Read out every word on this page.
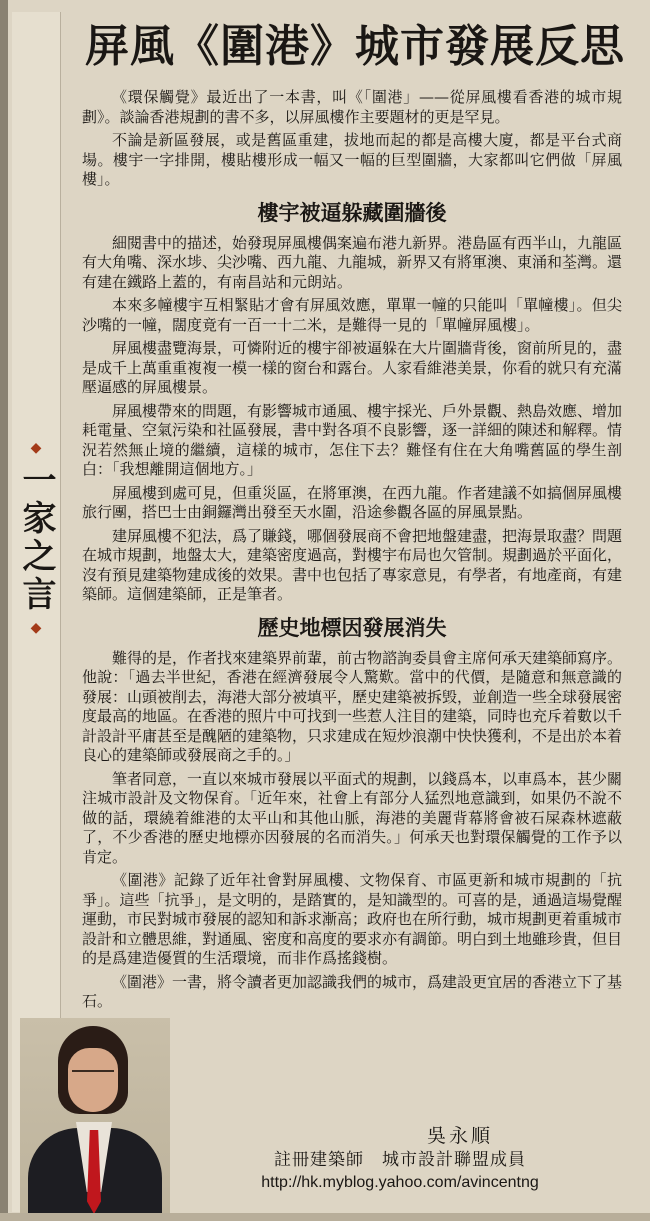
◆
一家之言
◆
屏風《圍港》城市發展反思

《環保觸覺》最近出了一本書，叫《「圍港」——從屏風樓看香港的城市規劃》。談論香港規劃的書不多，以屏風樓作主要題材的更是罕見。

不論是新區發展，或是舊區重建，拔地而起的都是高樓大廈，都是平台式商場。樓宇一字排開，樓貼樓形成一幅又一幅的巨型圍牆，大家都叫它們做「屏風樓」。

樓宇被逼躲藏圍牆後

細閱書中的描述，始發現屏風樓偶案遍布港九新界。港島區有西半山，九龍區有大角嘴、深水埗、尖沙嘴、西九龍、九龍城，新界又有將軍澳、東涌和荃灣。還有建在鐵路上蓋的，有南昌站和元朗站。

本來多幢樓宇互相緊貼才會有屏風效應，單單一幢的只能叫「單幢樓」。但尖沙嘴的一幢，闊度竟有一百一十二米，是難得一見的「單幢屏風樓」。

屏風樓盡覽海景，可憐附近的樓宇卻被逼躲在大片圍牆背後，窗前所見的，盡是成千上萬重重複複一模一樣的窗台和露台。人家看維港美景，你看的就只有充滿壓逼感的屏風樓景。

屏風樓帶來的問題，有影響城市通風、樓宇採光、戶外景觀、熱島效應、增加耗電量、空氣污染和社區發展，書中對各項不良影響，逐一詳細的陳述和解釋。情況若然無止境的繼續，這樣的城市，怎住下去？難怪有住在大角嘴舊區的學生剖白：「我想離開這個地方。」

屏風樓到處可見，但重災區，在將軍澳，在西九龍。作者建議不如搞個屏風樓旅行團，搭巴士由銅鑼灣出發至天水圍，沿途參觀各區的屏風景點。

建屏風樓不犯法，爲了賺錢，哪個發展商不會把地盤建盡，把海景取盡？問題在城市規劃，地盤太大，建築密度過高，對樓宇布局也欠管制。規劃過於平面化，沒有預見建築物建成後的效果。書中也包括了專家意見，有學者，有地產商，有建築師。這個建築師，正是筆者。

歷史地標因發展消失

難得的是，作者找來建築界前輩，前古物諮詢委員會主席何承天建築師寫序。他說：「過去半世紀，香港在經濟發展令人驚歎。當中的代價，是隨意和無意識的發展：山頭被削去，海港大部分被填平，歷史建築被拆毁，並創造一些全球發展密度最高的地區。在香港的照片中可找到一些惹人注目的建築，同時也充斥着數以千計設計平庸甚至是醜陋的建築物，只求建成在短炒浪潮中快快獲利，不是出於本着良心的建築師或發展商之手的。」

筆者同意，一直以來城市發展以平面式的規劃，以錢爲本，以車爲本，甚少關注城市設計及文物保育。「近年來，社會上有部分人猛烈地意識到，如果仍不說不做的話，環繞着維港的太平山和其他山脈，海港的美麗背幕將會被石屎森林遮蔽了，不少香港的歷史地標亦因發展的名而消失。」何承天也對環保觸覺的工作予以肯定。

《圍港》記錄了近年社會對屏風樓、文物保育、市區更新和城市規劃的「抗爭」。這些「抗爭」，是文明的，是踏實的，是知識型的。可喜的是，通過這場覺醒運動，市民對城市發展的認知和訴求漸高；政府也在所行動，城市規劃更着重城市設計和立體思維，對通風、密度和高度的要求亦有調節。明白到土地雖珍貴，但目的是爲建造優質的生活環境，而非作爲搖錢樹。

《圍港》一書，將令讀者更加認識我們的城市，爲建設更宜居的香港立下了基石。

吳永順
註冊建築師　城市設計聯盟成員
http://hk.myblog.yahoo.com/avincentng
